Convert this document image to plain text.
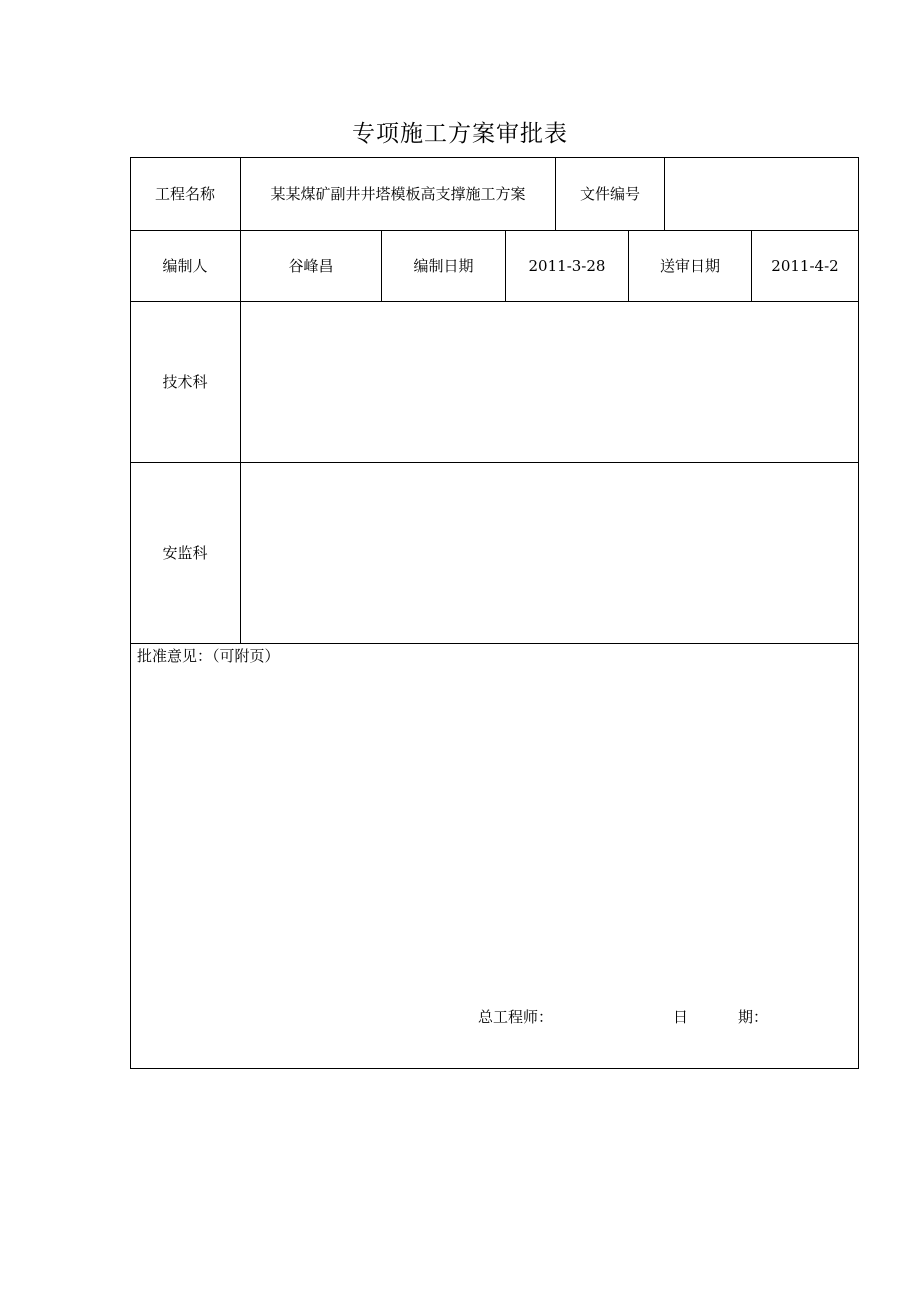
专项施工方案审批表
工程名称	某某煤矿副井井塔模板高支撑施工方案	文件编号
编制人	谷峰昌	编制日期	2011-3-28	送审日期	2011-4-2
技术科
安监科
批准意见：（可附页）
总工程师：	日	期：
